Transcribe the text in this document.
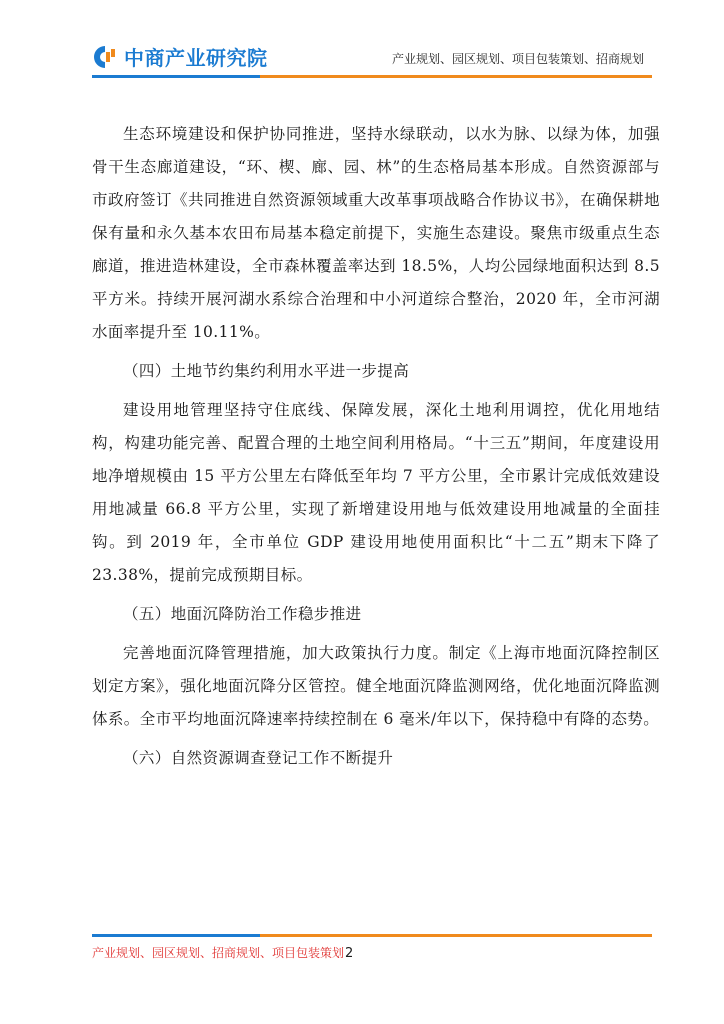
中商产业研究院	产业规划、园区规划、项目包装策划、招商规划

生态环境建设和保护协同推进，坚持水绿联动，以水为脉、以绿为体，加强骨干生态廊道建设，“环、楔、廊、园、林”的生态格局基本形成。自然资源部与市政府签订《共同推进自然资源领域重大改革事项战略合作协议书》，在确保耕地保有量和永久基本农田布局基本稳定前提下，实施生态建设。聚焦市级重点生态廊道，推进造林建设，全市森林覆盖率达到 18.5%，人均公园绿地面积达到 8.5 平方米。持续开展河湖水系综合治理和中小河道综合整治，2020 年，全市河湖水面率提升至 10.11%。

（四）土地节约集约利用水平进一步提高

建设用地管理坚持守住底线、保障发展，深化土地利用调控，优化用地结构，构建功能完善、配置合理的土地空间利用格局。“十三五”期间，年度建设用地净增规模由 15 平方公里左右降低至年均 7 平方公里，全市累计完成低效建设用地减量 66.8 平方公里，实现了新增建设用地与低效建设用地减量的全面挂钩。到 2019 年，全市单位 GDP 建设用地使用面积比“十二五”期末下降了 23.38%，提前完成预期目标。

（五）地面沉降防治工作稳步推进

完善地面沉降管理措施，加大政策执行力度。制定《上海市地面沉降控制区划定方案》，强化地面沉降分区管控。健全地面沉降监测网络，优化地面沉降监测体系。全市平均地面沉降速率持续控制在 6 毫米/年以下，保持稳中有降的态势。

（六）自然资源调查登记工作不断提升

产业规划、园区规划、招商规划、项目包装策划 2
